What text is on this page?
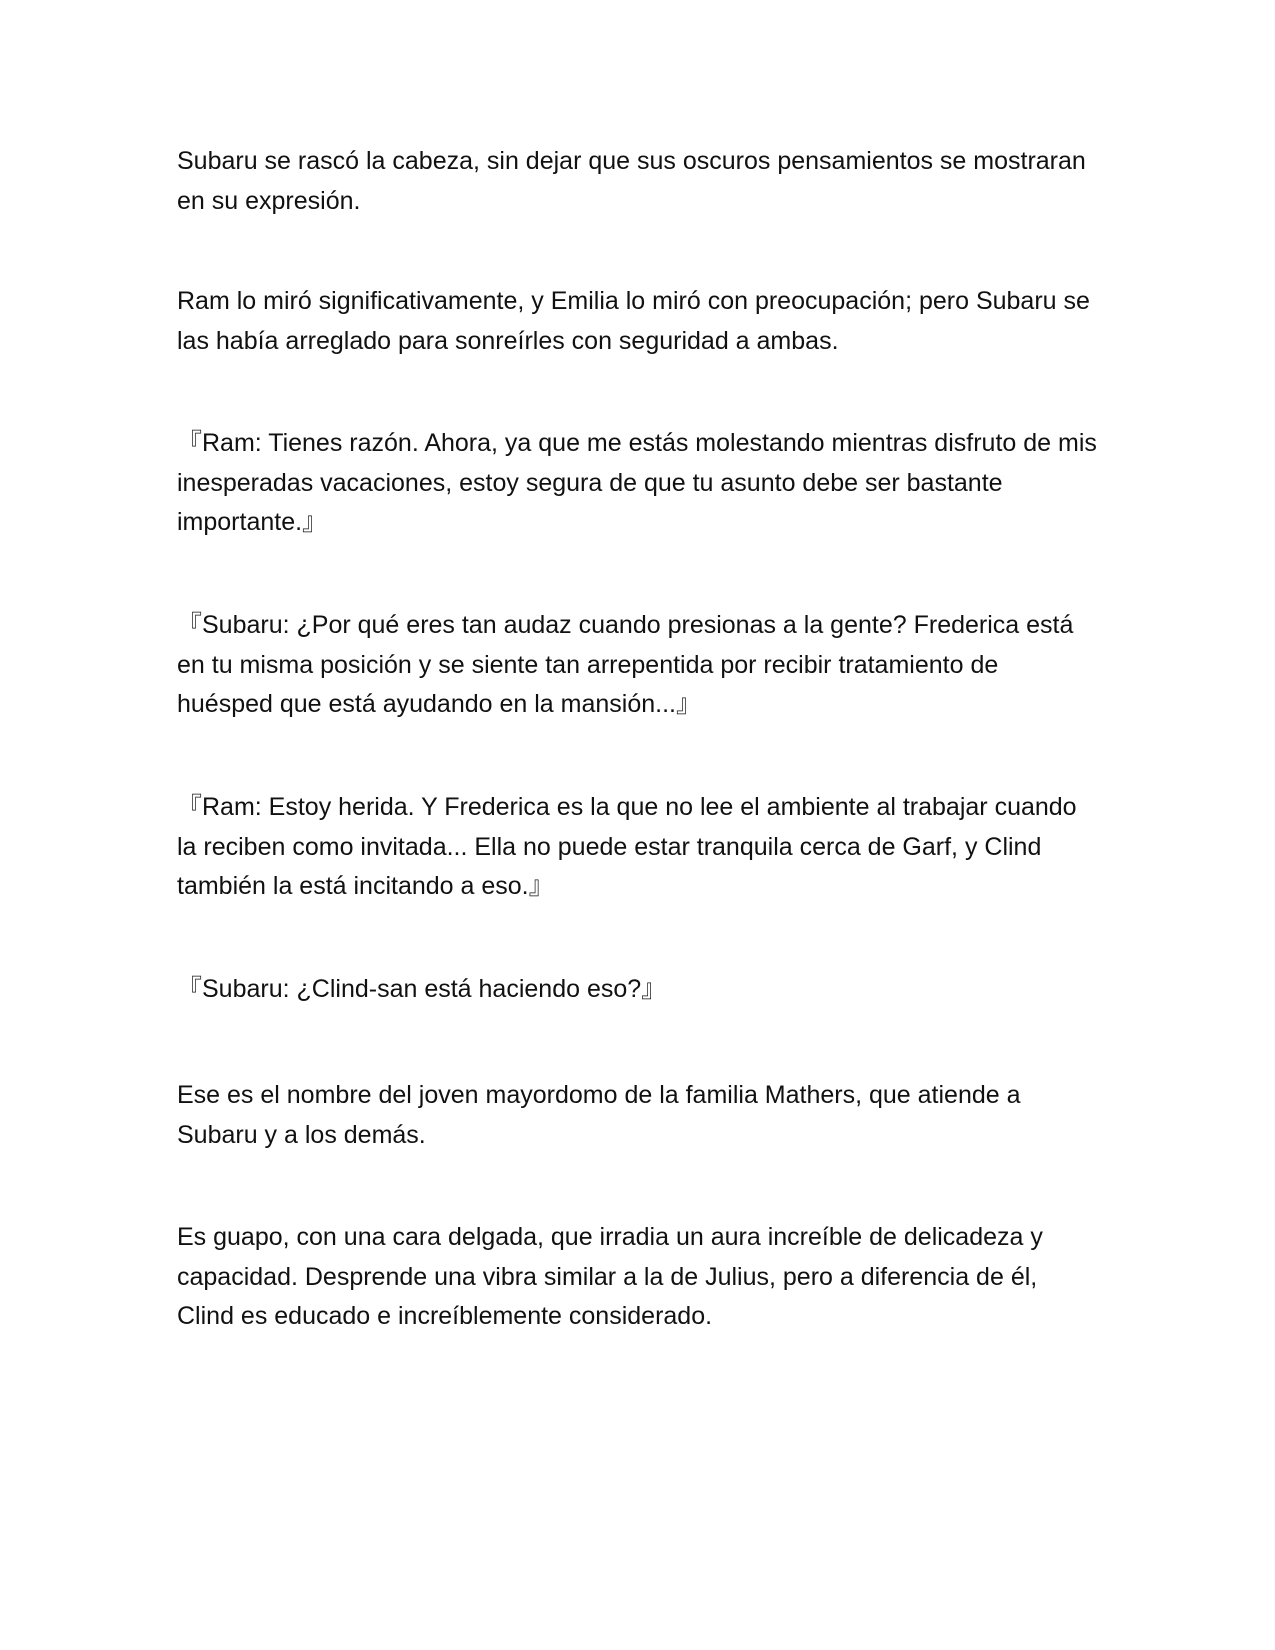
Subaru se rascó la cabeza, sin dejar que sus oscuros pensamientos se mostraran en su expresión.

Ram lo miró significativamente, y Emilia lo miró con preocupación; pero Subaru se las había arreglado para sonreírles con seguridad a ambas.

『Ram: Tienes razón. Ahora, ya que me estás molestando mientras disfruto de mis inesperadas vacaciones, estoy segura de que tu asunto debe ser bastante importante.』

『Subaru: ¿Por qué eres tan audaz cuando presionas a la gente? Frederica está en tu misma posición y se siente tan arrepentida por recibir tratamiento de huésped que está ayudando en la mansión...』

『Ram: Estoy herida. Y Frederica es la que no lee el ambiente al trabajar cuando la reciben como invitada... Ella no puede estar tranquila cerca de Garf, y Clind también la está incitando a eso.』

『Subaru: ¿Clind-san está haciendo eso?』

Ese es el nombre del joven mayordomo de la familia Mathers, que atiende a Subaru y a los demás.

Es guapo, con una cara delgada, que irradia un aura increíble de delicadeza y capacidad. Desprende una vibra similar a la de Julius, pero a diferencia de él, Clind es educado e increíblemente considerado.
